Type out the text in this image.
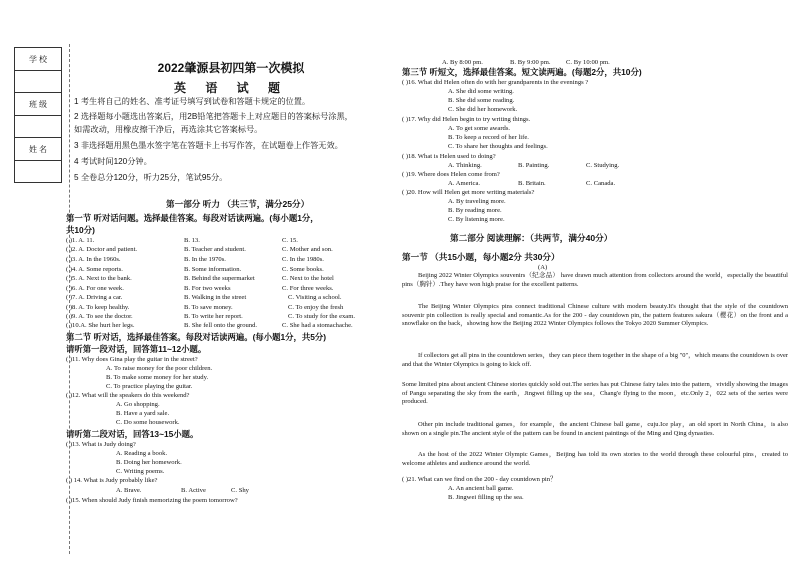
学 校

班 级

姓 名

2022肇源县初四第一次模拟
英 语 试 题
1 考生将自己的姓名、准考证号填写到试卷和答题卡规定的位置。
2 选择题每小题选出答案后，用2B铅笔把答题卡上对应题目的答案标号涂黑，
如需改动，用橡皮擦干净后，再选涂其它答案标号。
3 非选择题用黑色墨水签字笔在答题卡上书写作答，在试题卷上作答无效。
4 考试时间120分钟。
5 全卷总分120分，听力25分，笔试95分。
第一部分 听力 （共三节，满分25分）
第一节 听对话问题。选择最佳答案。每段对话读两遍。(每小题1分，
共10分)
( )1. A. 11.	B. 13.	C. 15.
( )2. A. Doctor and patient.	B. Teacher and student.	C. Mother and son.
( )3. A. In the 1960s.	B. In the 1970s.	C. In the 1980s.
( )4. A. Some reports.	B. Some information.	C. Some books.
( )5. A. Next to the bank.	B. Behind the supermarket	C. Next to the hotel
( )6. A. For one week.	B. For two weeks	C. For three weeks.
( )7. A. Driving a car.	B. Walking in the street	C. Visiting a school.
( )8. A. To keep healthy.	B. To save money.	C. To enjoy the fresh
( )9. A. To see the doctor.	B. To write her report.	C. To study for the exam.
( )10.A. She hurt her legs.	B. She fell onto the ground.	C. She had a stomachache.
第二节 听对话，选择最佳答案。每段对话读两遍。(每小题1分，共5分)
请听第一段对话，回答第11~12小题。
( )11. Why does Gina play the guitar in the street?
A. To raise money for the poor children.
B. To make some money for her study.
C. To practice playing the guitar.
( )12. What will the speakers do this weekend?
A. Go shopping.
B. Have a yard sale.
C. Do some housework.
请听第二段对话，回答13~15小题。
( )13. What is Judy doing?
A. Reading a book.
B. Doing her homework.
C. Writing poems.
( ) 14. What is Judy probably like?
A. Brave.	B. Active	C. Shy
( )15. When should Judy finish memorizing the poem tomorrow?
A. By 8:00 pm.	B. By 9:00 pm. C. By 10:00 pm.
第三节 听短文，选择最佳答案。短文读两遍。(每题2分，共10分)
( )16. What did Helen often do with her grandparents in the evenings ?
A. She did some writing.
B. She did some reading.
C. She did her homework.
( )17. Why did Helen begin to try writing things.
A. To get some awards.
B. To keep a record of her life.
C. To share her thoughts and feelings.
( )18. What is Helen used to doing?
A. Thinking.	B. Painting.	C. Studying.
( )19. Where does Helen come from?
A. America.	B. Britain.	C. Canada.
( )20. How will Helen get more writing materials?
A. By traveling more.
B. By reading more.
C. By listening more.
第二部分 阅读理解：（共两节，满分40分）
第一节 （共15小题，每小题2分 共30分）
(A)
Beijing 2022 Winter Olympics souvenirs（纪念品） have drawn much attention from collectors around the world，especially the beautiful pins（胸针）.They have won high praise for the excellent patterns.
The Beijing Winter Olympics pins connect traditional Chinese culture with modern beauty.It's thought that the style of the countdown souvenir pin collection is really special and romantic.As for the 200 - day countdown pin, the pattern features sakura（樱花）on the front and a snowflake on the back，showing how the Beijing 2022 Winter Olympics follows the Tokyo 2020 Summer Olympics.
If collectors get all pins in the countdown series，they can piece them together in the shape of a big "0"，which means the countdown is over and that the Winter Olympics is going to kick off.
Some limited pins about ancient Chinese stories quickly sold out.The series has put Chinese fairy tales into the pattern，vividly showing the images of Pangu separating the sky from the earth，Jingwei filling up the sea，Chang'e flying to the moon，etc.Only 2，022 sets of the series were produced.
Other pin include traditional games，for example，the ancient Chinese ball game，cuju.Ice play，an old sport in North China，is also shown on a single pin.The ancient style of the pattern can be found in ancient paintings of the Ming and Qing dynasties.
As the host of the 2022 Winter Olympic Games，Beijing has told its own stories to the world through these colourful pins，created to welcome athletes and audience around the world.
( )21. What can we find on the 200 - day countdown pin？
A. An ancient ball game.
B. Jingwei filling up the sea.
